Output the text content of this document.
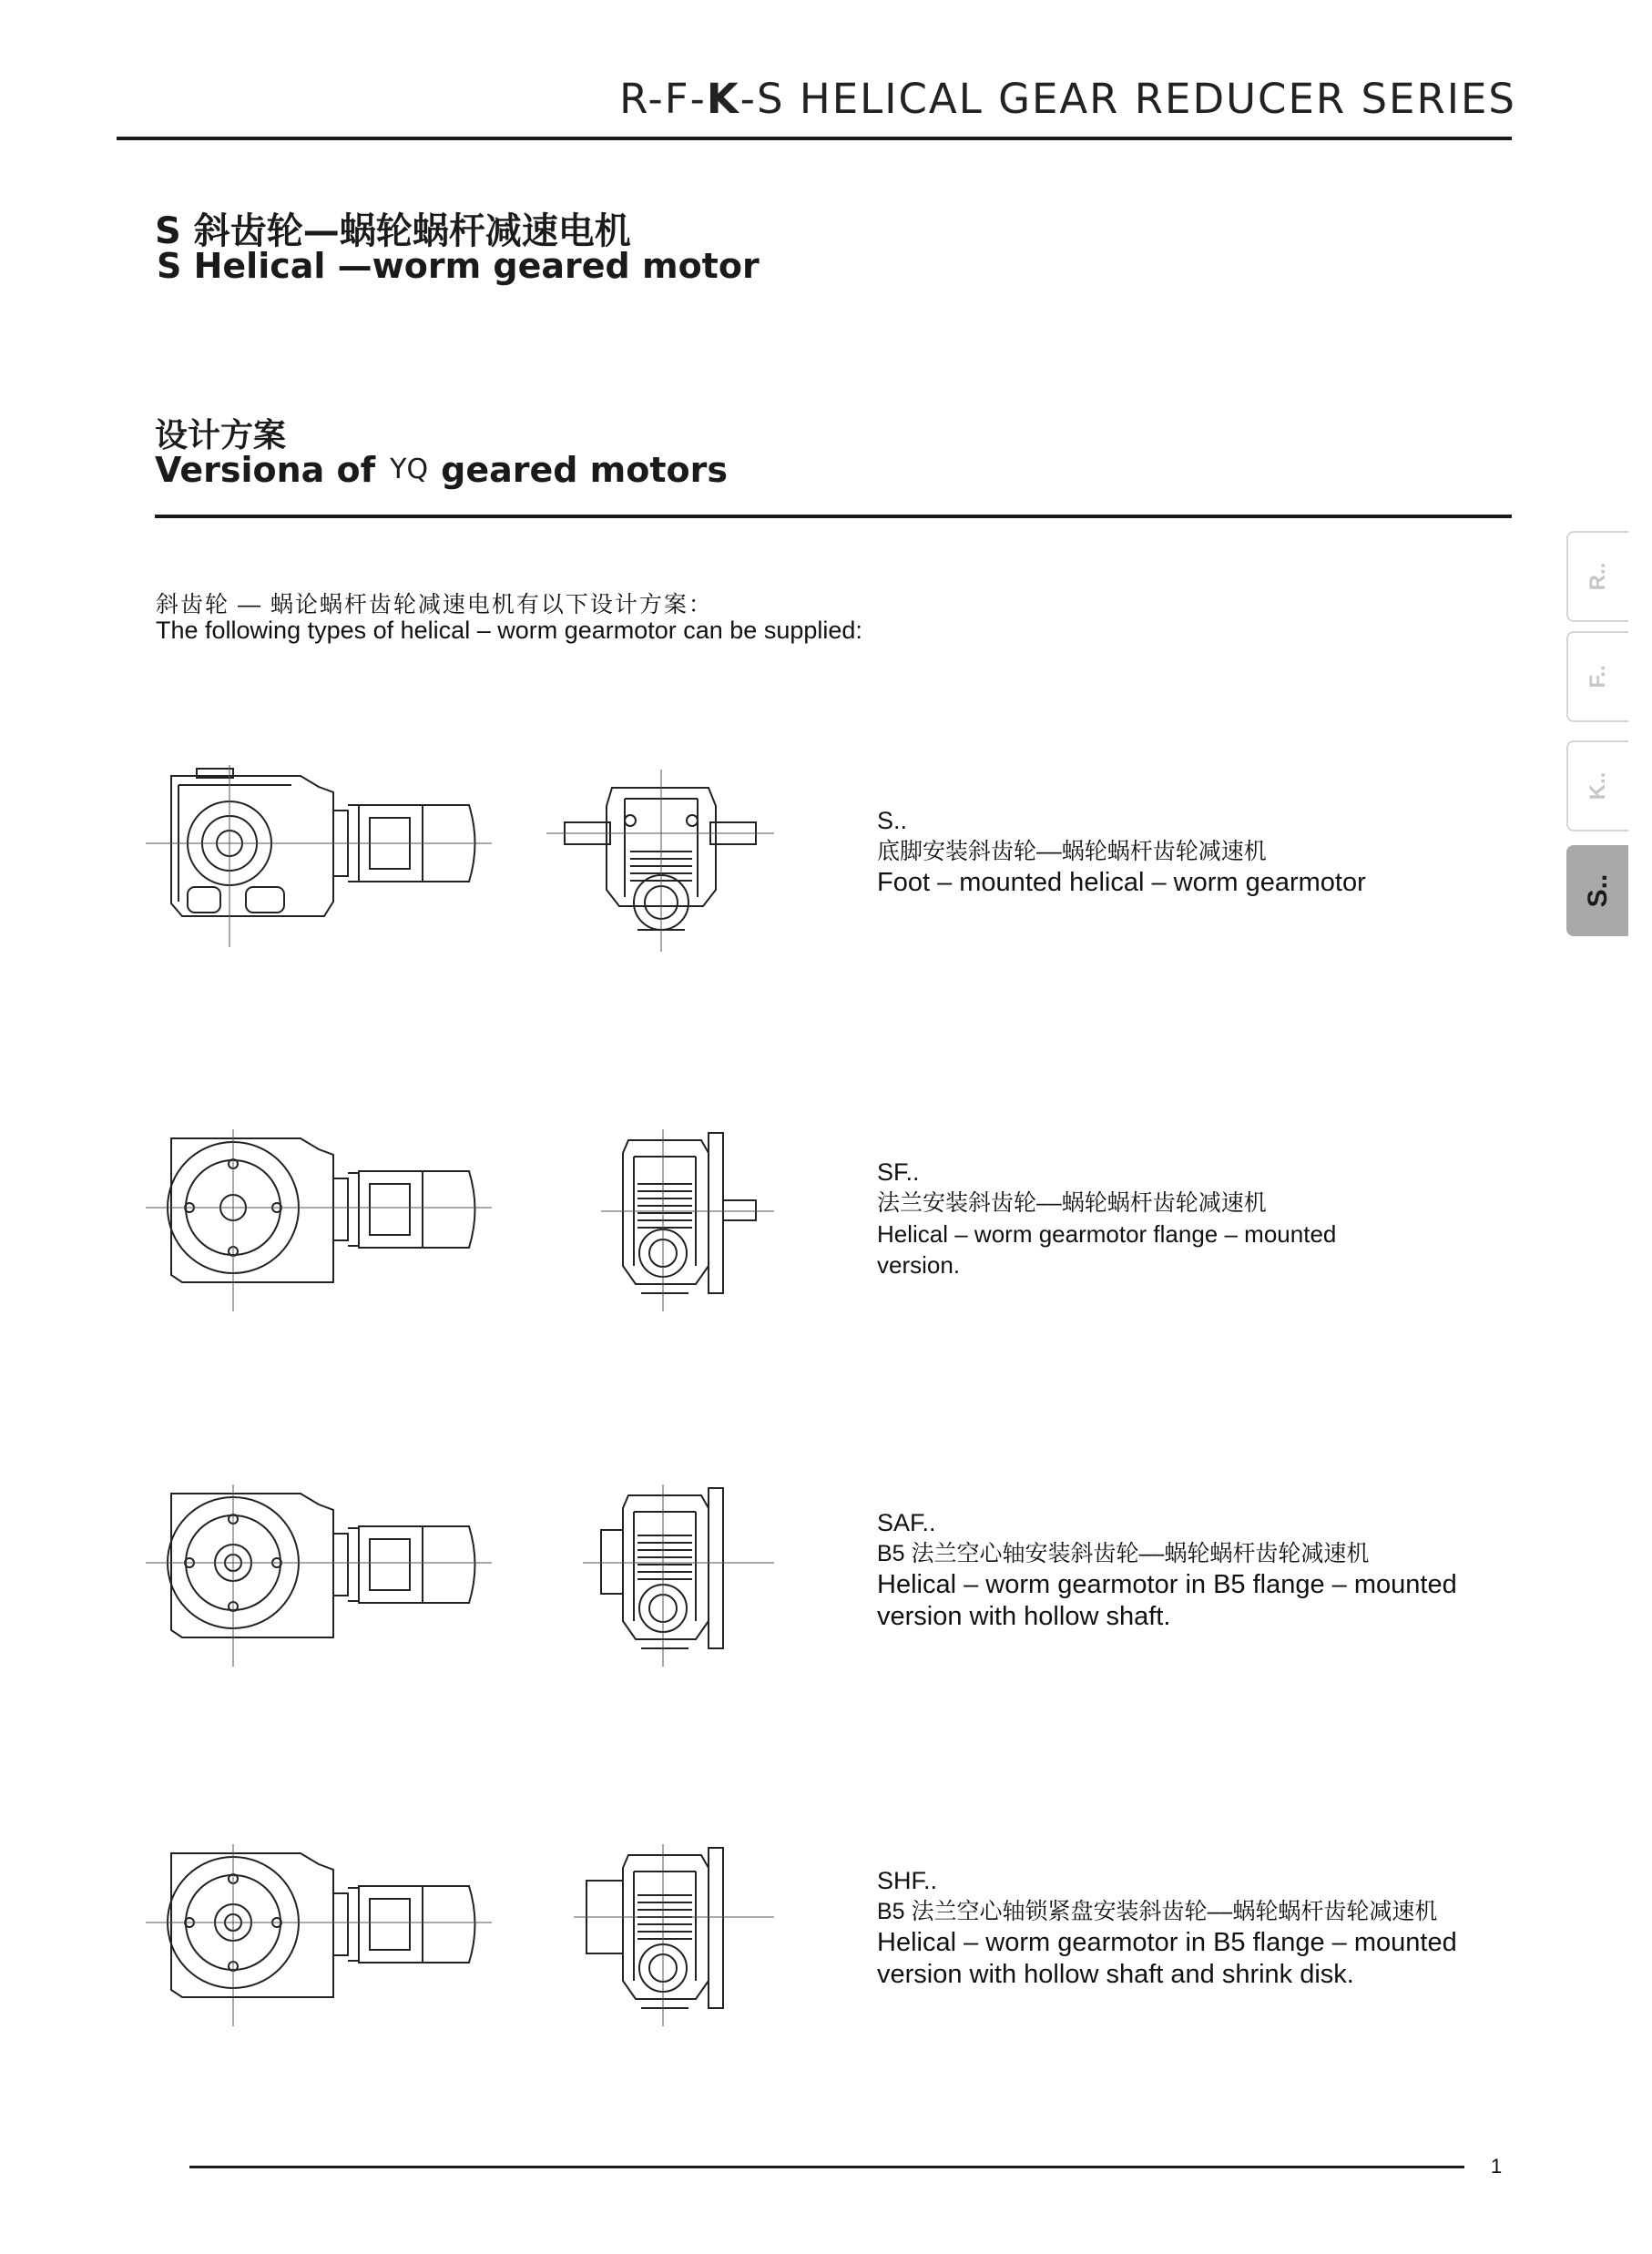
R-F-K-S HELICAL GEAR REDUCER SERIES
S 斜齿轮—蜗轮蜗杆减速电机
S Helical —worm geared motor
设计方案
Versiona of YQ geared motors
斜齿轮 — 蜗论蜗杆齿轮减速电机有以下设计方案：
The following types of helical – worm gearmotor can be supplied:
S..
底脚安装斜齿轮––蜗轮蜗杆齿轮减速机
Foot – mounted helical – worm gearmotor
SF..
法兰安装斜齿轮––蜗轮蜗杆齿轮减速机
Helical – worm gearmotor flange – mounted
version.
SAF..
B5 法兰空心轴安装斜齿轮––蜗轮蜗杆齿轮减速机
Helical – worm gearmotor in B5 flange – mounted
version with hollow shaft.
SHF..
B5 法兰空心轴锁紧盘安装斜齿轮––蜗轮蜗杆齿轮减速机
Helical – worm gearmotor in B5 flange – mounted
version with hollow shaft and shrink disk.
R..
F..
K..
S..
1
